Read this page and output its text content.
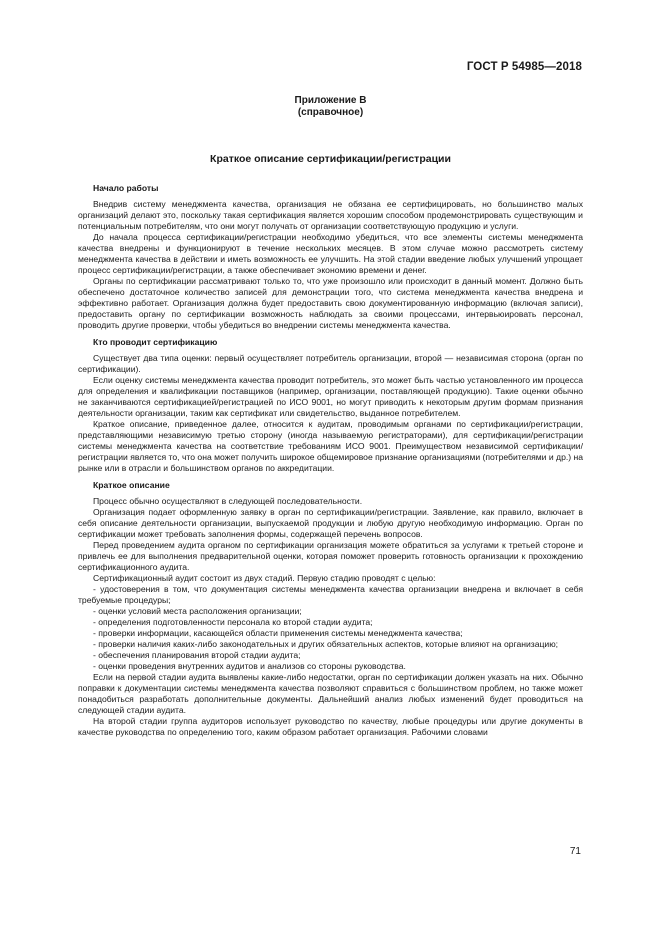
ГОСТ Р 54985—2018
Приложение В
(справочное)
Краткое описание сертификации/регистрации
Начало работы

Внедрив систему менеджмента качества, организация не обязана ее сертифицировать, но большинство малых организаций делают это, поскольку такая сертификация является хорошим способом продемонстрировать существующим и потенциальным потребителям, что они могут получать от организации соответствующую продукцию и услуги.

До начала процесса сертификации/регистрации необходимо убедиться, что все элементы системы менеджмента качества внедрены и функционируют в течение нескольких месяцев. В этом случае можно рассмотреть систему менеджмента качества в действии и иметь возможность ее улучшить. На этой стадии введение любых улучшений упрощает процесс сертификации/регистрации, а также обеспечивает экономию времени и денег.

Органы по сертификации рассматривают только то, что уже произошло или происходит в данный момент. Должно быть обеспечено достаточное количество записей для демонстрации того, что система менеджмента качества внедрена и эффективно работает. Организация должна будет предоставить свою документированную информацию (включая записи), предоставить органу по сертификации возможность наблюдать за своими процессами, интервьюировать персонал, проводить другие проверки, чтобы убедиться во внедрении системы менеджмента качества.

Кто проводит сертификацию

Существует два типа оценки: первый осуществляет потребитель организации, второй — независимая сторона (орган по сертификации).

Если оценку системы менеджмента качества проводит потребитель, это может быть частью установленного им процесса для определения и квалификации поставщиков (например, организации, поставляющей продукцию). Такие оценки обычно не заканчиваются сертификацией/регистрацией по ИСО 9001, но могут приводить к некоторым другим формам признания деятельности организации, таким как сертификат или свидетельство, выданное потребителем.

Краткое описание, приведенное далее, относится к аудитам, проводимым органами по сертификации/регистрации, представляющими независимую третью сторону (иногда называемую регистраторами), для сертификации/регистрации системы менеджмента качества на соответствие требованиям ИСО 9001. Преимуществом независимой сертификации/регистрации является то, что она может получить широкое общемировое признание организациями (потребителями и др.) на рынке или в отрасли и большинством органов по аккредитации.

Краткое описание

Процесс обычно осуществляют в следующей последовательности.

Организация подает оформленную заявку в орган по сертификации/регистрации. Заявление, как правило, включает в себя описание деятельности организации, выпускаемой продукции и любую другую необходимую информацию. Орган по сертификации может требовать заполнения формы, содержащей перечень вопросов.

Перед проведением аудита органом по сертификации организация можете обратиться за услугами к третьей стороне и привлечь ее для выполнения предварительной оценки, которая поможет проверить готовность организации к прохождению сертификационного аудита.

Сертификационный аудит состоит из двух стадий. Первую стадию проводят с целью:

- удостоверения в том, что документация системы менеджмента качества организации внедрена и включает в себя требуемые процедуры;

- оценки условий места расположения организации;

- определения подготовленности персонала ко второй стадии аудита;

- проверки информации, касающейся области применения системы менеджмента качества;

- проверки наличия каких-либо законодательных и других обязательных аспектов, которые влияют на организацию;

- обеспечения планирования второй стадии аудита;

- оценки проведения внутренних аудитов и анализов со стороны руководства.

Если на первой стадии аудита выявлены какие-либо недостатки, орган по сертификации должен указать на них. Обычно поправки к документации системы менеджмента качества позволяют справиться с большинством проблем, но также может понадобиться разработать дополнительные документы. Дальнейший анализ любых изменений будет проводиться на следующей стадии аудита.

На второй стадии группа аудиторов использует руководство по качеству, любые процедуры или другие документы в качестве руководства по определению того, каким образом работает организация. Рабочими словами

71
